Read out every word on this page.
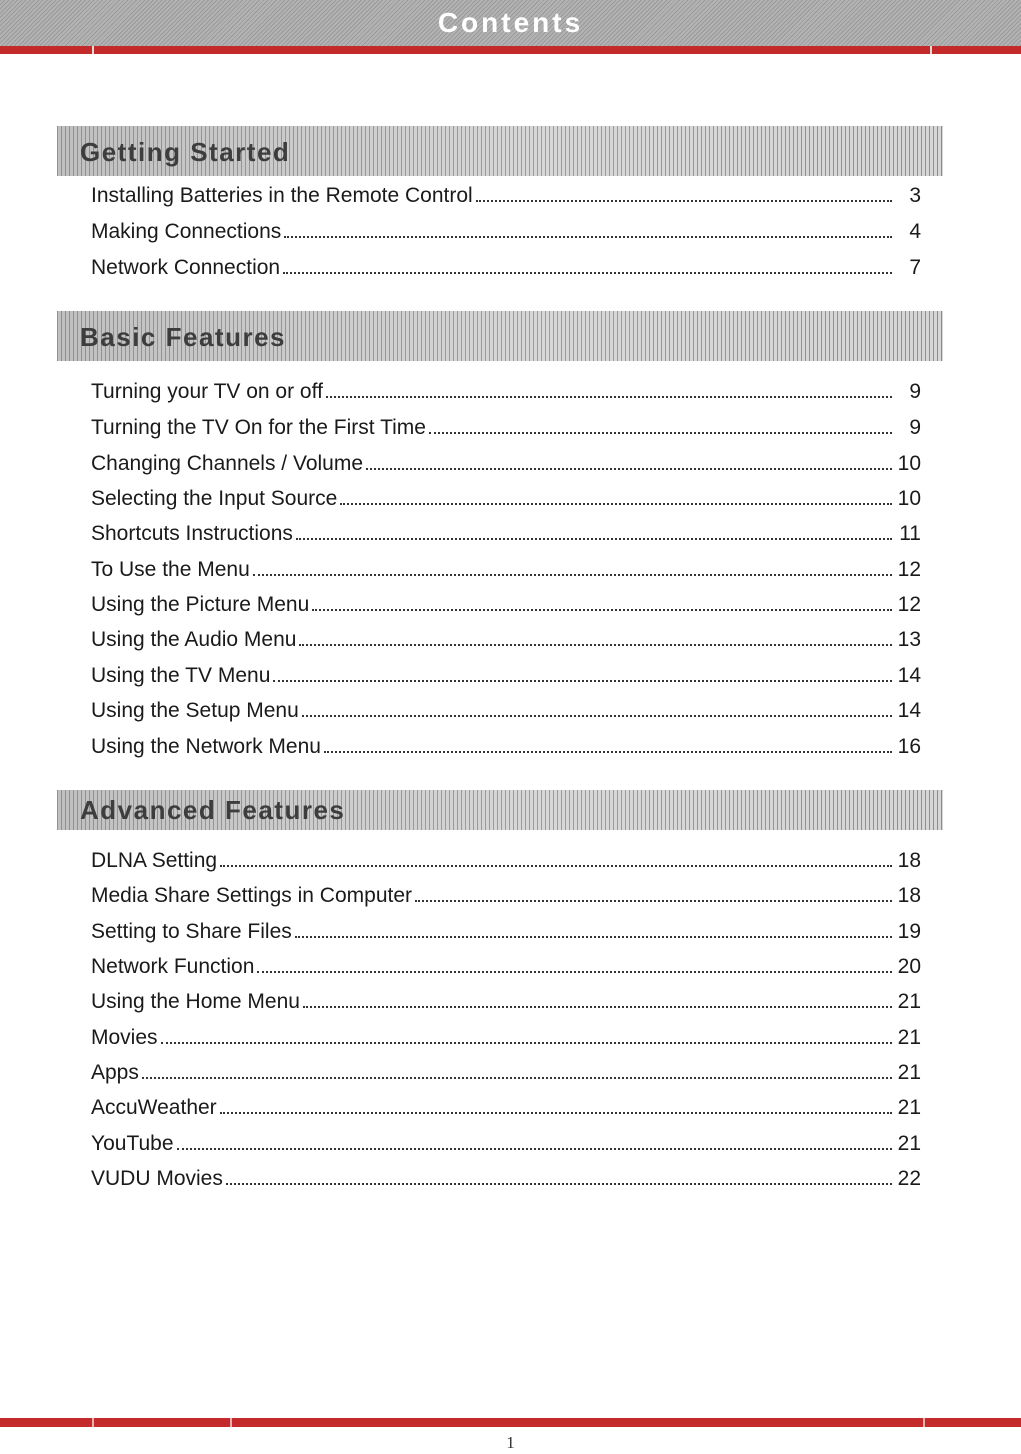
Contents
Getting Started
Installing Batteries in the Remote Control	3
Making Connections	4
Network Connection	7
Basic Features
Turning your TV on or off	9
Turning the TV On for the First Time	9
Changing Channels / Volume	10
Selecting the Input Source	10
Shortcuts Instructions	11
To Use the Menu	12
Using the Picture Menu	12
Using the Audio Menu	13
Using the TV Menu	14
Using the Setup Menu	14
Using the Network Menu	16
Advanced Features
DLNA Setting	18
Media Share Settings in Computer	18
Setting to Share Files	19
Network Function	20
Using the Home Menu	21
Movies	21
Apps	21
AccuWeather	21
YouTube	21
VUDU Movies	22
1
